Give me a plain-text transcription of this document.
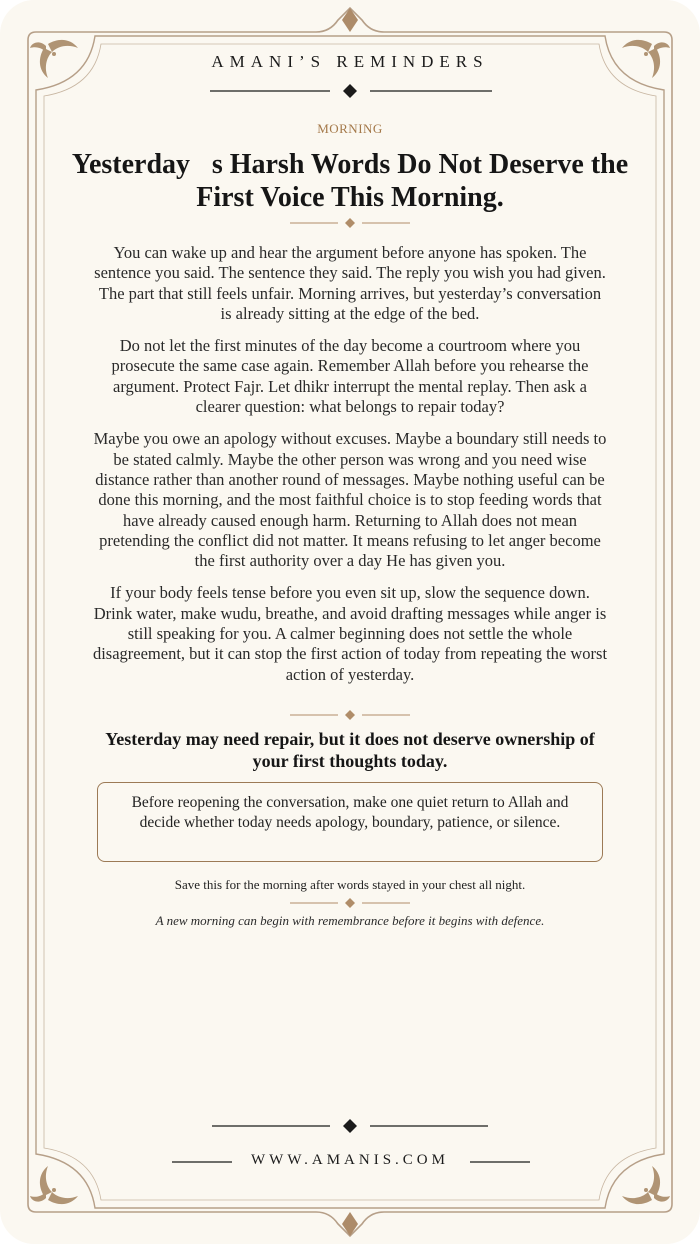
AMANI’S REMINDERS
MORNING
Yesterday s Harsh Words Do Not Deserve the First Voice This Morning.

You can wake up and hear the argument before anyone has spoken. The sentence you said. The sentence they said. The reply you wish you had given. The part that still feels unfair. Morning arrives, but yesterday’s conversation is already sitting at the edge of the bed.

Do not let the first minutes of the day become a courtroom where you prosecute the same case again. Remember Allah before you rehearse the argument. Protect Fajr. Let dhikr interrupt the mental replay. Then ask a clearer question: what belongs to repair today?

Maybe you owe an apology without excuses. Maybe a boundary still needs to be stated calmly. Maybe the other person was wrong and you need wise distance rather than another round of messages. Maybe nothing useful can be done this morning, and the most faithful choice is to stop feeding words that have already caused enough harm. Returning to Allah does not mean pretending the conflict did not matter. It means refusing to let anger become the first authority over a day He has given you.

If your body feels tense before you even sit up, slow the sequence down. Drink water, make wudu, breathe, and avoid drafting messages while anger is still speaking for you. A calmer beginning does not settle the whole disagreement, but it can stop the first action of today from repeating the worst action of yesterday.

Yesterday may need repair, but it does not deserve ownership of your first thoughts today.
Before reopening the conversation, make one quiet return to Allah and decide whether today needs apology, boundary, patience, or silence.
Save this for the morning after words stayed in your chest all night.
A new morning can begin with remembrance before it begins with defence.
WWW.AMANIS.COM
